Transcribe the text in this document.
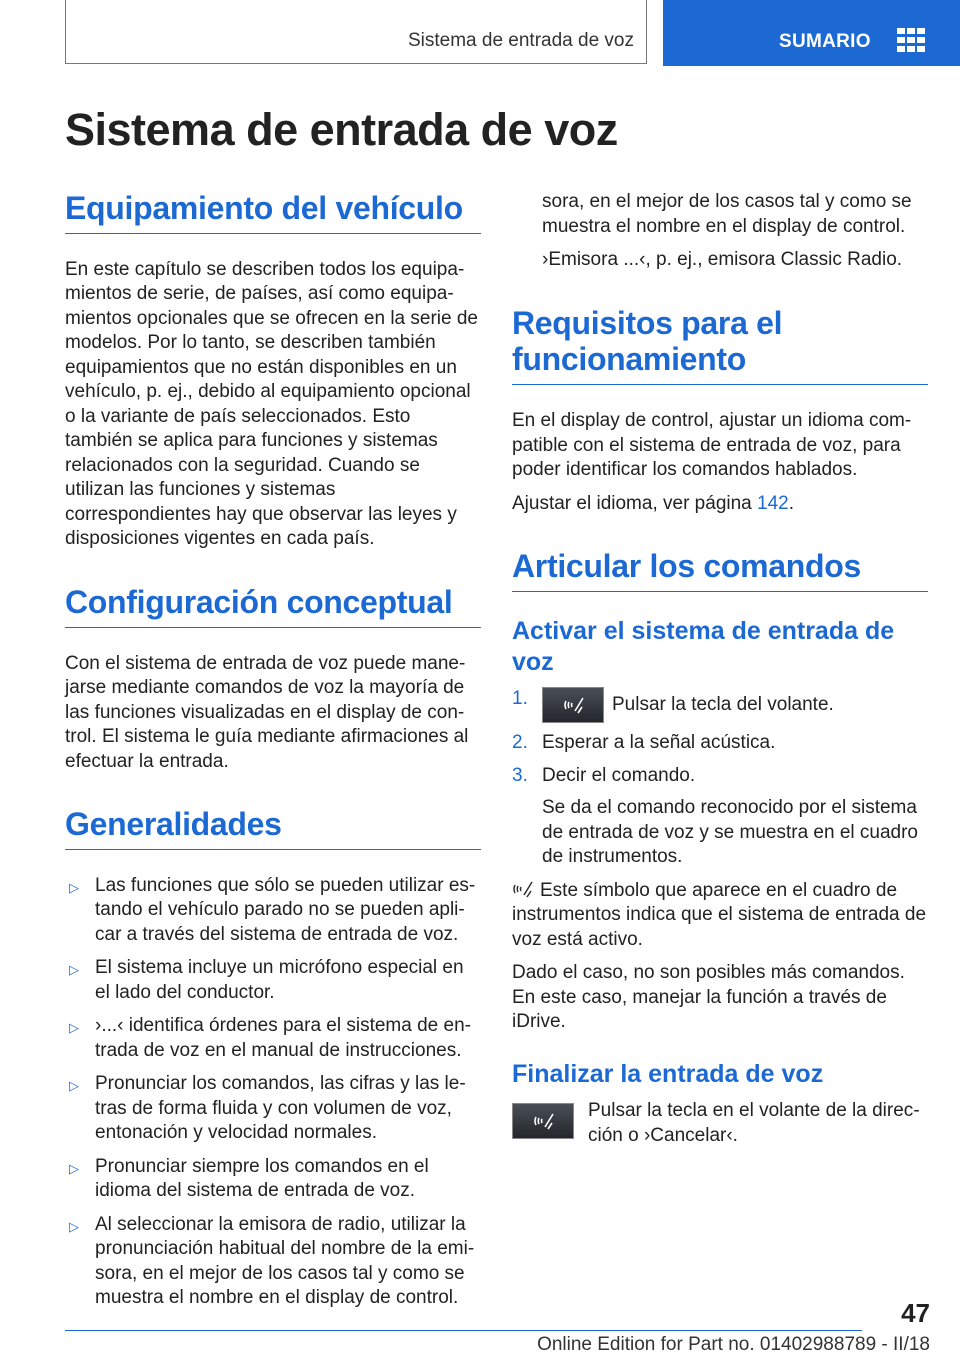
Sistema de entrada de voz	SUMARIO
Sistema de entrada de voz
Equipamiento del vehículo

En este capítulo se describen todos los equipamientos de serie, de países, así como equipamientos opcionales que se ofrecen en la serie de modelos. Por lo tanto, se describen también equipamientos que no están disponibles en un vehículo, p. ej., debido al equipamiento opcional o la variante de país seleccionados. Esto también se aplica para funciones y sistemas relacionados con la seguridad. Cuando se utilizan las funciones y sistemas correspondientes hay que observar las leyes y disposiciones vigentes en cada país.

Configuración conceptual

Con el sistema de entrada de voz puede manejarse mediante comandos de voz la mayoría de las funciones visualizadas en el display de control. El sistema le guía mediante afirmaciones al efectuar la entrada.

Generalidades
▷ Las funciones que sólo se pueden utilizar estando el vehículo parado no se pueden aplicar a través del sistema de entrada de voz.
▷ El sistema incluye un micrófono especial en el lado del conductor.
▷ ›...‹ identifica órdenes para el sistema de entrada de voz en el manual de instrucciones.
▷ Pronunciar los comandos, las cifras y las letras de forma fluida y con volumen de voz, entonación y velocidad normales.
▷ Pronunciar siempre los comandos en el idioma del sistema de entrada de voz.
▷ Al seleccionar la emisora de radio, utilizar la pronunciación habitual del nombre de la emisora, en el mejor de los casos tal y como se muestra el nombre en el display de control.

sora, en el mejor de los casos tal y como se muestra el nombre en el display de control.

›Emisora ...‹, p. ej., emisora Classic Radio.

Requisitos para el funcionamiento

En el display de control, ajustar un idioma compatible con el sistema de entrada de voz, para poder identificar los comandos hablados.

Ajustar el idioma, ver página 142.

Articular los comandos
Activar el sistema de entrada de voz
1.	Pulsar la tecla del volante.
2. Esperar a la señal acústica.
3. Decir el comando.

Se da el comando reconocido por el sistema de entrada de voz y se muestra en el cuadro de instrumentos.

Este símbolo que aparece en el cuadro de instrumentos indica que el sistema de entrada de voz está activo.

Dado el caso, no son posibles más comandos. En este caso, manejar la función a través de iDrive.

Finalizar la entrada de voz

Pulsar la tecla en el volante de la dirección o ›Cancelar‹.

47
Online Edition for Part no. 01402988789 - II/18
